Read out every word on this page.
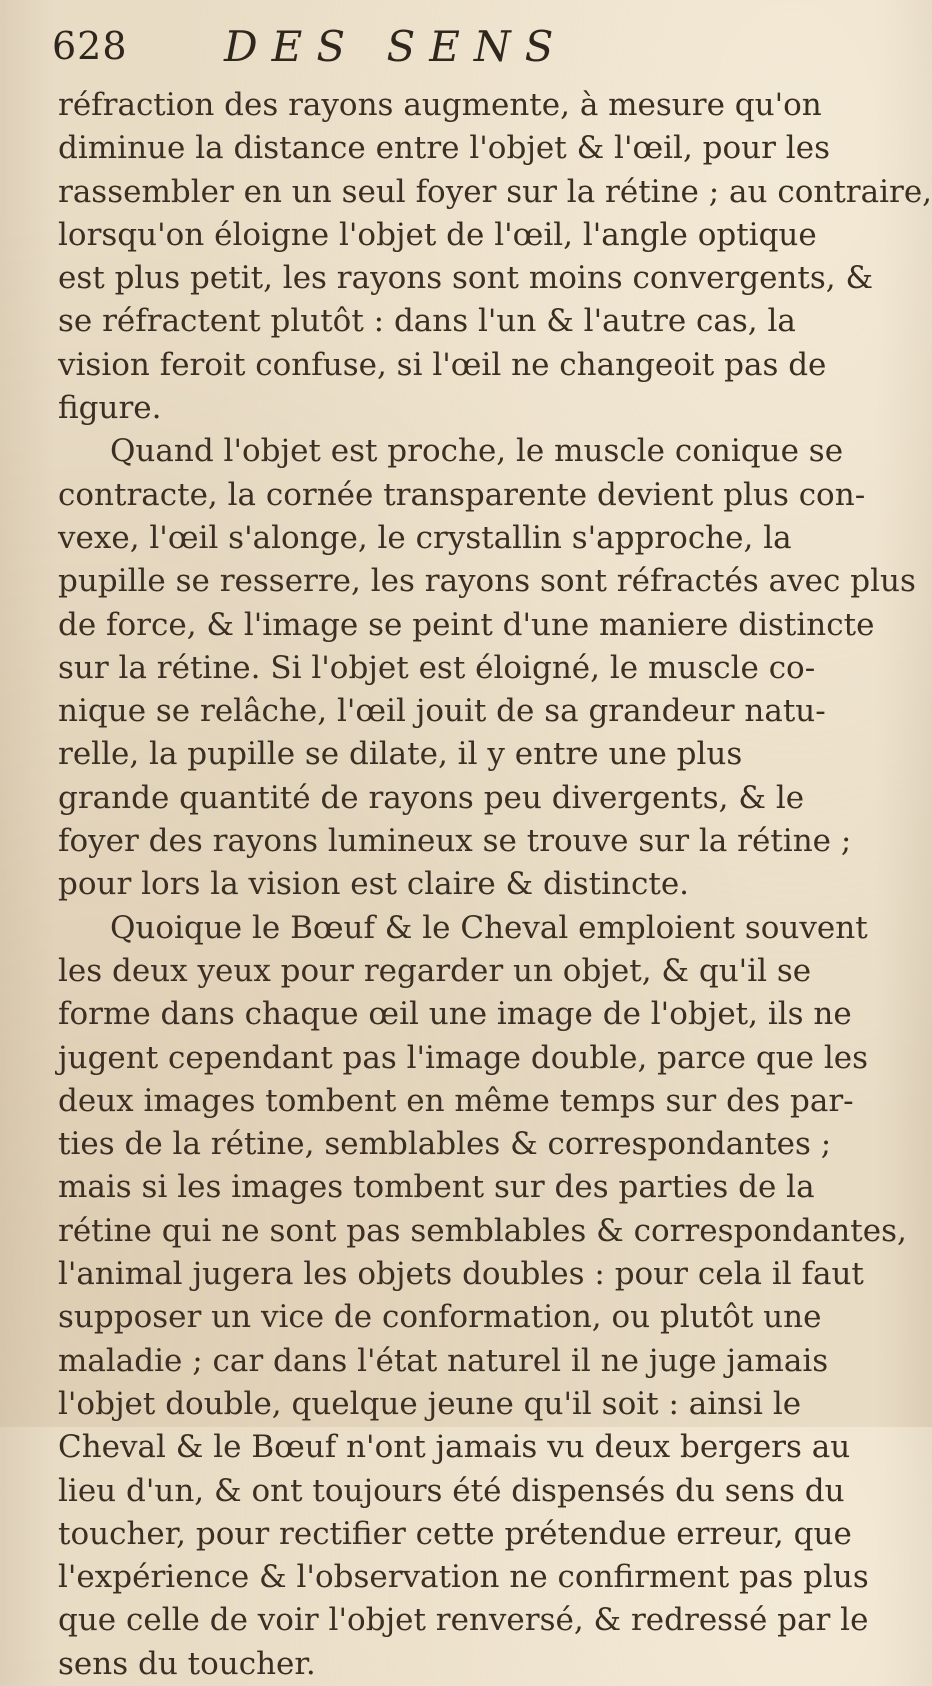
628 DES SENS
réfraction des rayons augmente, à mesure qu'on
diminue la distance entre l'objet & l'œil, pour les
rassembler en un seul foyer sur la rétine ; au contraire,
lorsqu'on éloigne l'objet de l'œil, l'angle optique
est plus petit, les rayons sont moins convergents, &
se réfractent plutôt : dans l'un & l'autre cas, la
vision feroit confuse, si l'œil ne changeoit pas de
figure.
Quand l'objet est proche, le muscle conique se
contracte, la cornée transparente devient plus con-
vexe, l'œil s'alonge, le crystallin s'approche, la
pupille se resserre, les rayons sont réfractés avec plus
de force, & l'image se peint d'une maniere distincte
sur la rétine. Si l'objet est éloigné, le muscle co-
nique se relâche, l'œil jouit de sa grandeur natu-
relle, la pupille se dilate, il y entre une plus
grande quantité de rayons peu divergents, & le
foyer des rayons lumineux se trouve sur la rétine ;
pour lors la vision est claire & distincte.
Quoique le Bœuf & le Cheval emploient souvent
les deux yeux pour regarder un objet, & qu'il se
forme dans chaque œil une image de l'objet, ils ne
jugent cependant pas l'image double, parce que les
deux images tombent en même temps sur des par-
ties de la rétine, semblables & correspondantes ;
mais si les images tombent sur des parties de la
rétine qui ne sont pas semblables & correspondantes,
l'animal jugera les objets doubles : pour cela il faut
supposer un vice de conformation, ou plutôt une
maladie ; car dans l'état naturel il ne juge jamais
l'objet double, quelque jeune qu'il soit : ainsi le
Cheval & le Bœuf n'ont jamais vu deux bergers au
lieu d'un, & ont toujours été dispensés du sens du
toucher, pour rectifier cette prétendue erreur, que
l'expérience & l'observation ne confirment pas plus
que celle de voir l'objet renversé, & redressé par le
sens du toucher.
